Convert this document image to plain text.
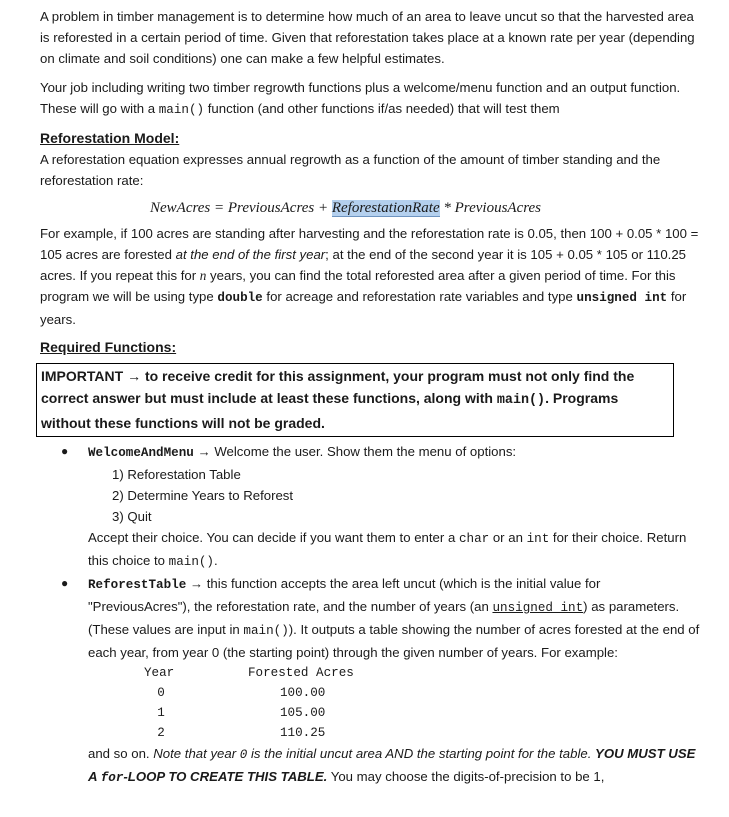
A problem in timber management is to determine how much of an area to leave uncut so that the harvested area is reforested in a certain period of time. Given that reforestation takes place at a known rate per year (depending on climate and soil conditions) one can make a few helpful estimates.

Your job including writing two timber regrowth functions plus a welcome/menu function and an output function. These will go with a main() function (and other functions if/as needed) that will test them

Reforestation Model:

A reforestation equation expresses annual regrowth as a function of the amount of timber standing and the reforestation rate:

NewAcres = PreviousAcres + ReforestationRate * PreviousAcres

For example, if 100 acres are standing after harvesting and the reforestation rate is 0.05, then 100 + 0.05 * 100 = 105 acres are forested at the end of the first year; at the end of the second year it is 105 + 0.05 * 105 or 110.25 acres. If you repeat this for n years, you can find the total reforested area after a given period of time. For this program we will be using type double for acreage and reforestation rate variables and type unsigned int for years.

Required Functions:
IMPORTANT → to receive credit for this assignment, your program must not only find the correct answer but must include at least these functions, along with main(). Programs without these functions will not be graded.
● WelcomeAndMenu → Welcome the user. Show them the menu of options:

1) Reforestation Table
2) Determine Years to Reforest
3) Quit

Accept their choice. You can decide if you want them to enter a char or an int for their choice. Return this choice to main().

● ReforestTable → this function accepts the area left uncut (which is the initial value for "PreviousAcres"), the reforestation rate, and the number of years (an unsigned int) as parameters. (These values are input in main()). It outputs a table showing the number of acres forested at the end of each year, from year 0 (the starting point) through the given number of years. For example:

Year	Forested Acres
0	100.00
1	105.00
2	110.25

and so on. Note that year 0 is the initial uncut area AND the starting point for the table. YOU MUST USE A for-LOOP TO CREATE THIS TABLE. You may choose the digits-of-precision to be 1,
